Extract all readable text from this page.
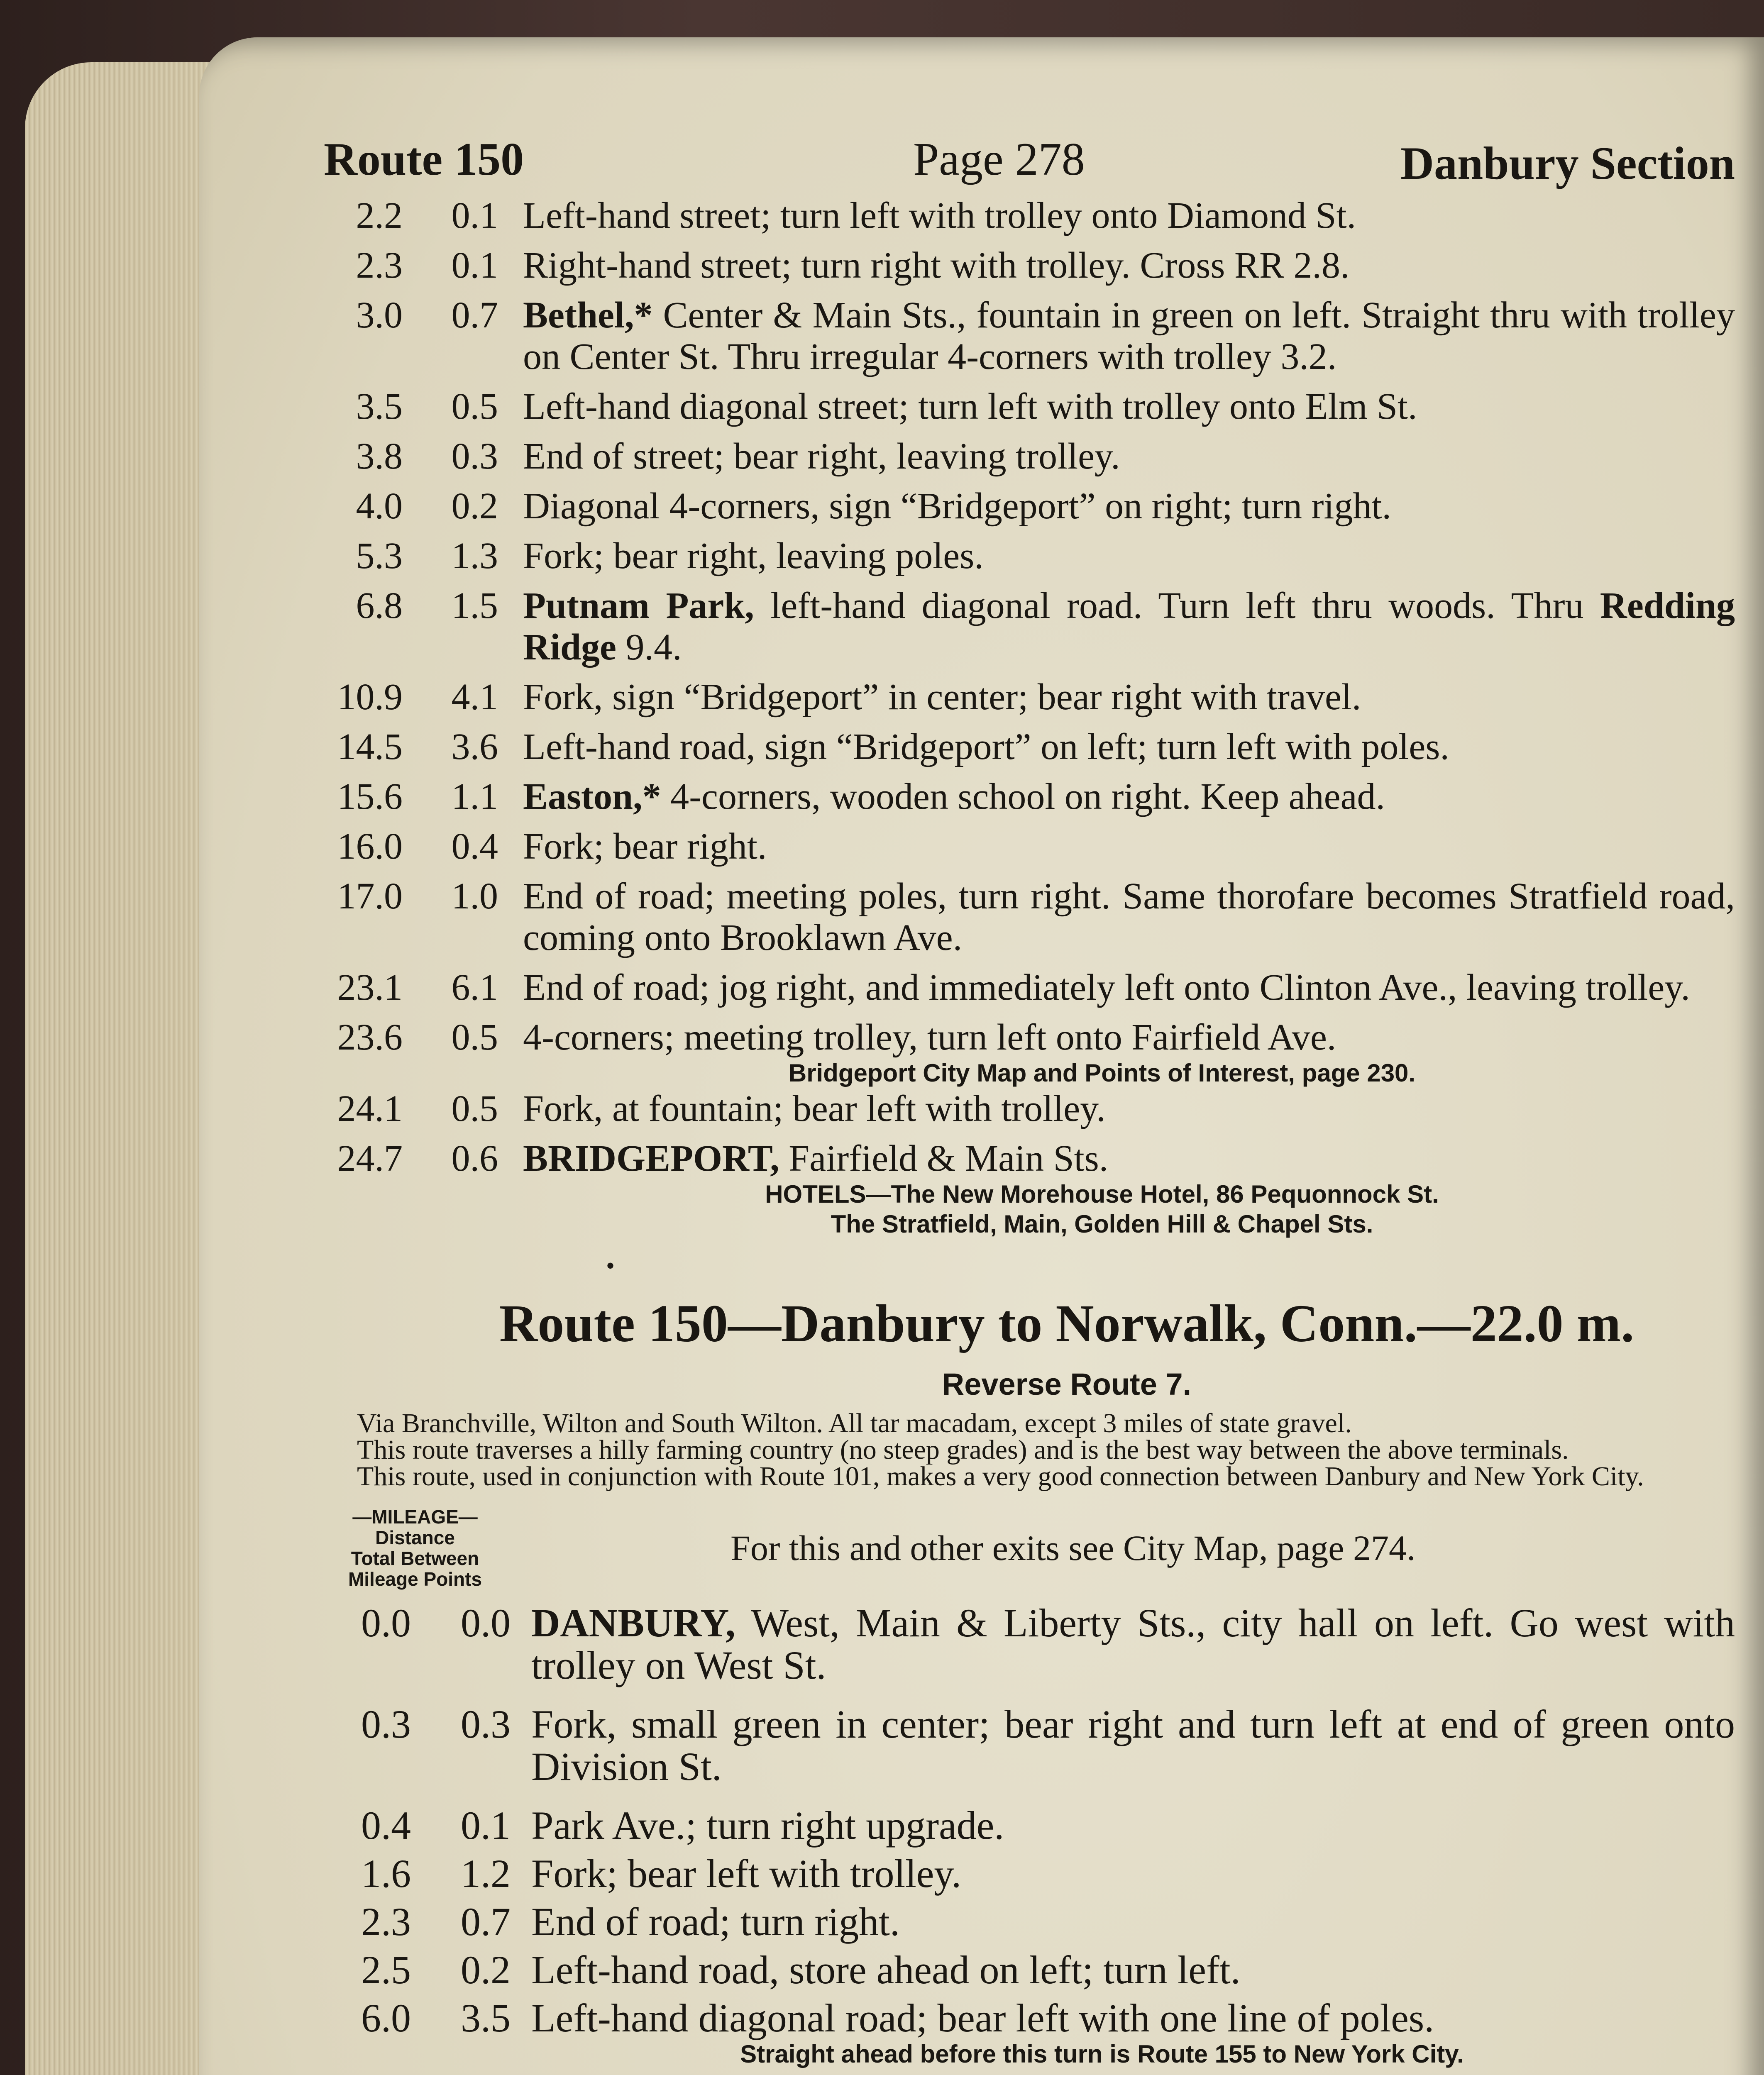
Route 150	Page 278	Danbury Section
2.2	0.1 Left-hand street; turn left with trolley onto Diamond St.
2.3	0.1 Right-hand street; turn right with trolley. Cross RR 2.8.
3.0	0.7 Bethel,* Center & Main Sts., fountain in green on left. Straight thru with trolley on Center St. Thru irregular 4-corners with trolley 3.2.
3.5	0.5 Left-hand diagonal street; turn left with trolley onto Elm St.
3.8	0.3 End of street; bear right, leaving trolley.
4.0	0.2 Diagonal 4-corners, sign “Bridgeport” on right; turn right.
5.3	1.3 Fork; bear right, leaving poles.
6.8	1.5 Putnam Park, left-hand diagonal road. Turn left thru woods. Thru Redding Ridge 9.4.
10.9	4.1 Fork, sign “Bridgeport” in center; bear right with travel.
14.5	3.6 Left-hand road, sign “Bridgeport” on left; turn left with poles.
15.6	1.1 Easton,* 4-corners, wooden school on right. Keep ahead.
16.0	0.4 Fork; bear right.
17.0	1.0 End of road; meeting poles, turn right. Same thorofare becomes Stratfield road, coming onto Brooklawn Ave.
23.1	6.1 End of road; jog right, and immediately left onto Clinton Ave., leaving trolley.
23.6	0.5 4-corners; meeting trolley, turn left onto Fairfield Ave.
Bridgeport City Map and Points of Interest, page 230.
24.1	0.5 Fork, at fountain; bear left with trolley.
24.7	0.6 BRIDGEPORT, Fairfield & Main Sts.
HOTELS—The New Morehouse Hotel, 86 Pequonnock St.
The Stratfield, Main, Golden Hill & Chapel Sts.
•
Route 150—Danbury to Norwalk, Conn.—22.0 m.
Reverse Route 7.

Via Branchville, Wilton and South Wilton. All tar macadam, except 3 miles of state gravel.

This route traverses a hilly farming country (no steep grades) and is the best way between the above terminals.

This route, used in conjunction with Route 101, makes a very good connection between Danbury and New York City.

—MILEAGE—
Distance
Total Between
Mileage Points
For this and other exits see City Map, page 274.
0.0	0.0 DANBURY, West, Main & Liberty Sts., city hall on left. Go west with trolley on West St.
0.3	0.3 Fork, small green in center; bear right and turn left at end of green onto Division St.
0.4	0.1 Park Ave.; turn right upgrade.
1.6	1.2 Fork; bear left with trolley.
2.3	0.7 End of road; turn right.
2.5	0.2 Left-hand road, store ahead on left; turn left.
6.0	3.5 Left-hand diagonal road; bear left with one line of poles.
Straight ahead before this turn is Route 155 to New York City.
